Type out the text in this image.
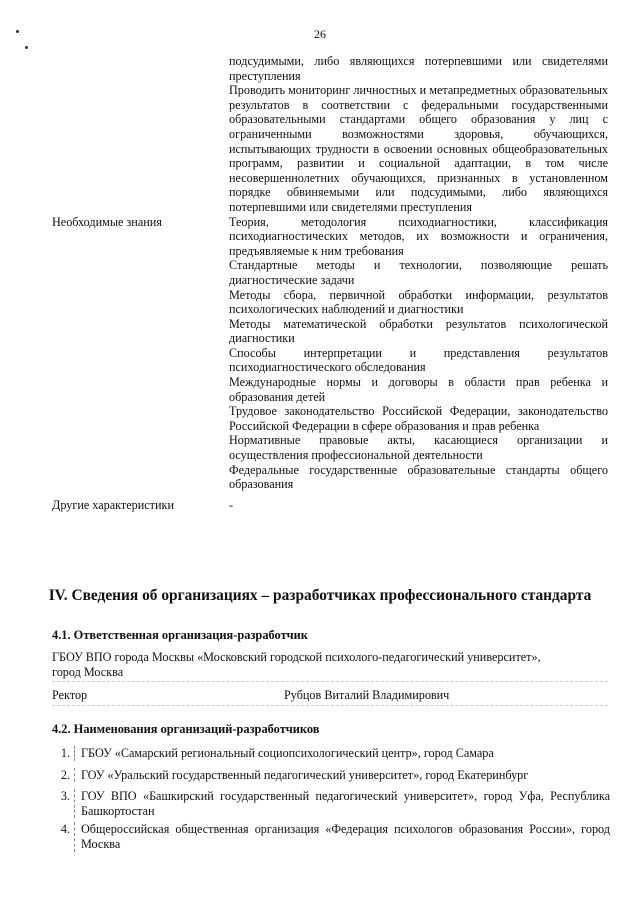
26
подсудимыми, либо являющихся потерпевшими или свидетелями преступления
Проводить мониторинг личностных и метапредметных образовательных результатов в соответствии с федеральными государственными образовательными стандартами общего образования у лиц с ограниченными возможностями здоровья, обучающихся, испытывающих трудности в освоении основных общеобразовательных программ, развитии и социальной адаптации, в том числе несовершеннолетних обучающихся, признанных в установленном порядке обвиняемыми или подсудимыми, либо являющихся потерпевшими или свидетелями преступления
Необходимые знания	Теория, методология психодиагностики, классификация психодиагностических методов, их возможности и ограничения, предъявляемые к ним требования
Стандартные методы и технологии, позволяющие решать диагностические задачи
Методы сбора, первичной обработки информации, результатов психологических наблюдений и диагностики
Методы математической обработки результатов психологической диагностики
Способы интерпретации и представления результатов психодиагностического обследования
Международные нормы и договоры в области прав ребенка и образования детей
Трудовое законодательство Российской Федерации, законодательство Российской Федерации в сфере образования и прав ребенка
Нормативные правовые акты, касающиеся организации и осуществления профессиональной деятельности
Федеральные государственные образовательные стандарты общего образования
Другие характеристики	-
IV. Сведения об организациях – разработчиках профессионального стандарта
4.1. Ответственная организация-разработчик
ГБОУ ВПО города Москвы «Московский городской психолого-педагогический университет»,
город Москва
Ректор	Рубцов Виталий Владимирович
4.2. Наименования организаций-разработчиков
1. ГБОУ «Самарский региональный социопсихологический центр», город Самара
2. ГОУ «Уральский государственный педагогический университет», город Екатеринбург
3. ГОУ ВПО «Башкирский государственный педагогический университет», город Уфа, Республика Башкортостан
4. Общероссийская общественная организация «Федерация психологов образования России», город Москва
